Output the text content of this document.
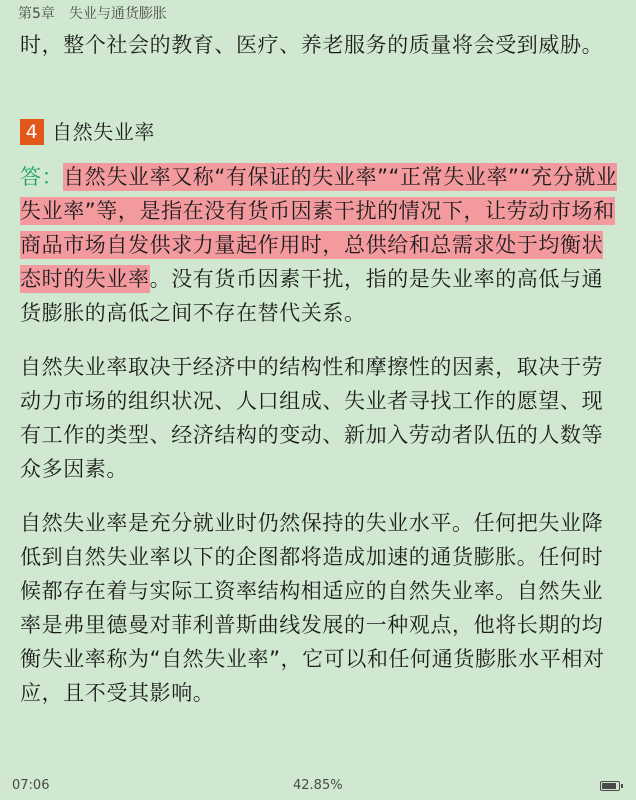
第5章 失业与通货膨胀

时，整个社会的教育、医疗、养老服务的质量将会受到威胁。

4 自然失业率

答：自然失业率又称“有保证的失业率”“正常失业率”“充分就业失业率”等，是指在没有货币因素干扰的情况下，让劳动市场和商品市场自发供求力量起作用时，总供给和总需求处于均衡状态时的失业率。没有货币因素干扰，指的是失业率的高低与通货膨胀的高低之间不存在替代关系。

自然失业率取决于经济中的结构性和摩擦性的因素，取决于劳动力市场的组织状况、人口组成、失业者寻找工作的愿望、现有工作的类型、经济结构的变动、新加入劳动者队伍的人数等众多因素。

自然失业率是充分就业时仍然保持的失业水平。任何把失业降低到自然失业率以下的企图都将造成加速的通货膨胀。任何时候都存在着与实际工资率结构相适应的自然失业率。自然失业率是弗里德曼对菲利普斯曲线发展的一种观点，他将长期的均衡失业率称为“自然失业率”，它可以和任何通货膨胀水平相对应，且不受其影响。

07:06	42.85%
